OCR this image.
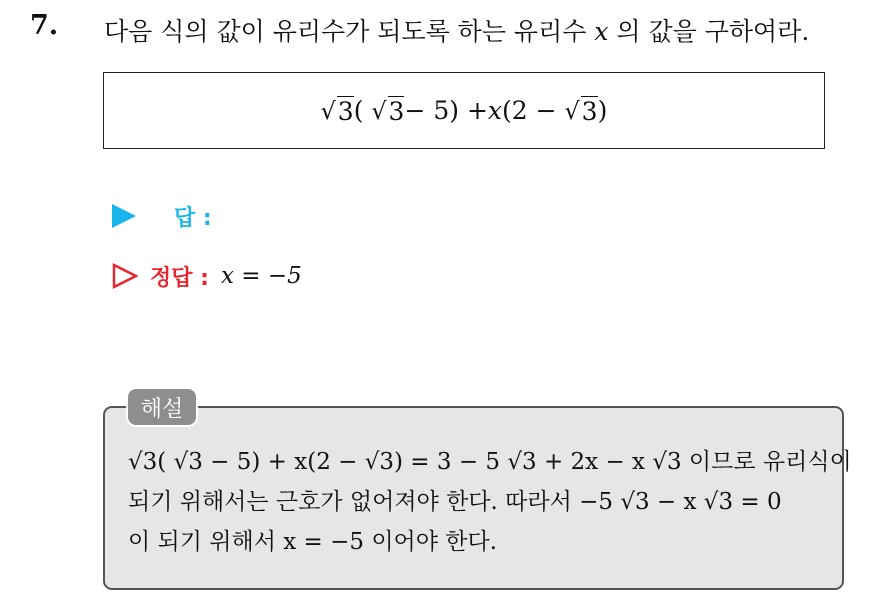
7. 다음 식의 값이 유리수가 되도록 하는 유리수 x 의 값을 구하여라.
√ 3 (
√ 3 − 5) + x (2 −
√ 3 )
답 :
정답 : x = −5
해설
√3( √3 − 5) + x(2 − √3) = 3 − 5 √3 + 2x − x √3 이므로 유리식이
되기 위해서는 근호가 없어져야 한다. 따라서 −5 √3 − x √3 = 0
이 되기 위해서 x = −5 이어야 한다.
